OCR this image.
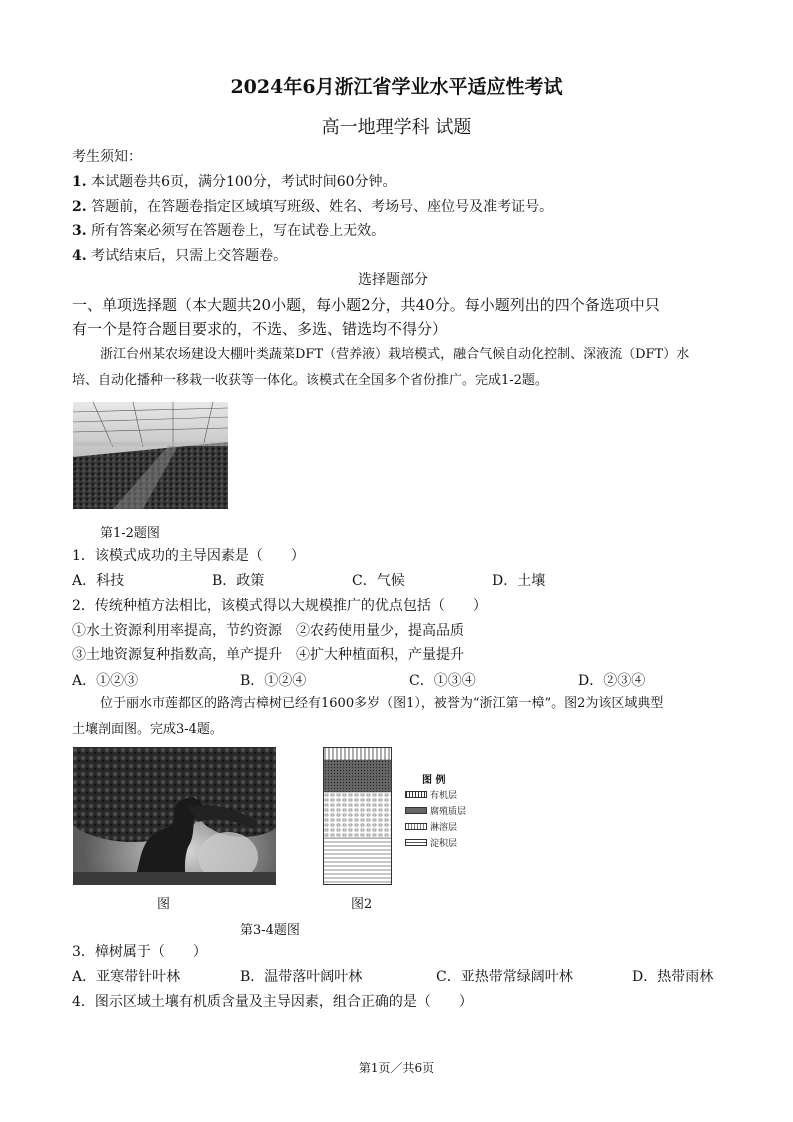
2024年6月浙江省学业水平适应性考试
高一地理学科 试题
考生须知：
1. 本试题卷共6页，满分100分，考试时间60分钟。
2. 答题前，在答题卷指定区域填写班级、姓名、考场号、座位号及准考证号。
3. 所有答案必须写在答题卷上，写在试卷上无效。
4. 考试结束后，只需上交答题卷。
选择题部分
一、单项选择题（本大题共20小题，每小题2分，共40分。每小题列出的四个备选项中只
有一个是符合题目要求的，不选、多选、错选均不得分）
浙江台州某农场建设大棚叶类蔬菜DFT（营养液）栽培模式，融合气候自动化控制、深液流（DFT）水
培、自动化播种一移栽一收获等一体化。该模式在全国多个省份推广。完成1-2题。
第1-2题图
1．该模式成功的主导因素是（　　）
A．科技	B．政策	C．气候	D．土壤
2．传统种植方法相比，该模式得以大规模推广的优点包括（　　）
①水土资源利用率提高，节约资源　②农药使用量少，提高品质
③土地资源复种指数高，单产提升　④扩大种植面积，产量提升
A．①②③	B．①②④	C．①③④	D．②③④
位于丽水市莲都区的路湾古樟树已经有1600多岁（图1），被誉为“浙江第一樟”。图2为该区域典型
土壤剖面图。完成3-4题。
图
图 例
有机层
腐殖质层
淋溶层
淀积层
图2
第3-4题图
3．樟树属于（　　）
A．亚寒带针叶林	B．温带落叶阔叶林	C．亚热带常绿阔叶林	D．热带雨林
4．图示区域土壤有机质含量及主导因素，组合正确的是（　　）
第1页／共6页
